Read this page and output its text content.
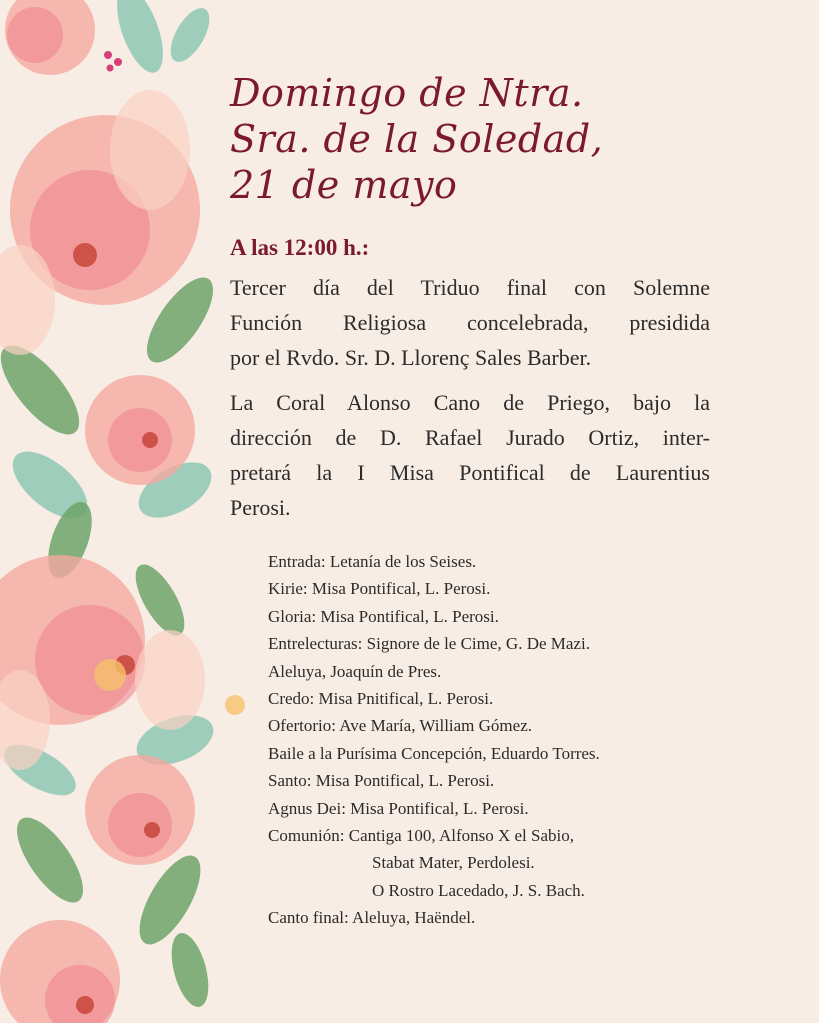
Domingo de Ntra.
Sra. de la Soledad,
21 de mayo
A las 12:00 h.:
Tercer día del Triduo final con Solemne
Función Religiosa concelebrada, presidida
por el Rvdo. Sr. D. Llorenç Sales Barber.
La Coral Alonso Cano de Priego, bajo la
dirección de D. Rafael Jurado Ortiz, inter-
pretará la I Misa Pontifical de Laurentius
Perosi.
Entrada: Letanía de los Seises.
Kirie: Misa Pontifical, L. Perosi.
Gloria: Misa Pontifical, L. Perosi.
Entrelecturas: Signore de le Cime, G. De Mazi.
Aleluya, Joaquín de Pres.
Credo: Misa Pnitifical, L. Perosi.
Ofertorio: Ave María, William Gómez.
Baile a la Purísima Concepción, Eduardo Torres.
Santo: Misa Pontifical, L. Perosi.
Agnus Dei: Misa Pontifical, L. Perosi.
Comunión: Cantiga 100, Alfonso X el Sabio,
Stabat Mater, Perdolesi.
O Rostro Lacedado, J. S. Bach.
Canto final: Aleluya, Haëndel.
